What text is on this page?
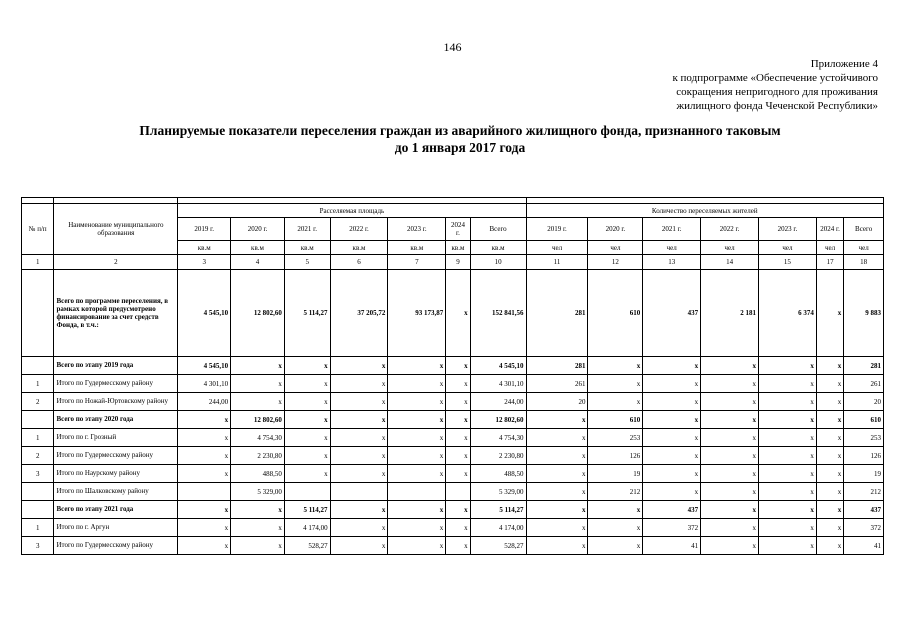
146
Приложение 4
к подпрограмме «Обеспечение устойчивого
сокращения непригодного для проживания
жилищного фонда Чеченской Республики»
Планируемые показатели переселения граждан из аварийного жилищного фонда, признанного таковым
до 1 января 2017 года

№ п/п	Наименование муниципального образования	Расселяемая площадь							Количество переселяемых жителей						
		2019 г.	2020 г.	2021 г.	2022 г.	2023 г.	2024 г.	Всего	2019 г.	2020 г.	2021 г.	2022 г.	2023 г.	2024 г.	Всего
		кв.м	кв.м	кв.м	кв.м	кв.м	кв.м	кв.м	чел	чел	чел	чел	чел	чел	чел
1	2	3	4	5	6	7	9	10	11	12	13	14	15	17	18
	Всего по программе переселения, в рамках которой предусмотрено финансирование за счет средств Фонда, в т.ч.:	4 545,10	12 802,60	5 114,27	37 205,72	93 173,87	x	152 841,56	281	610	437	2 181	6 374	x	9 883
	Всего по этапу 2019 года	4 545,10	x	x	x	x	x	4 545,10	281	x	x	x	x	x	281
1	Итого по Гудермесскому району	4 301,10	x	x	x	x	x	4 301,10	261	x	x	x	x	x	261
2	Итого по Ножай-Юртовскому району	244,00	x	x	x	x	x	244,00	20	x	x	x	x	x	20
	Всего по этапу 2020 года	x	12 802,60	x	x	x	x	12 802,60	x	610	x	x	x	x	610
1	Итого по г. Грозный	x	4 754,30	x	x	x	x	4 754,30	x	253	x	x	x	x	253
2	Итого по Гудермесскому району	x	2 230,80	x	x	x	x	2 230,80	x	126	x	x	x	x	126
3	Итого по Наурскому району	x	488,50	x	x	x	x	488,50	x	19	x	x	x	x	19
	Итого по Шалковскому району		5 329,00					5 329,00	x	212	x	x	x	x	212
	Всего по этапу 2021 года	x	x	5 114,27	x	x	x	5 114,27	x	x	437	x	x	x	437
1	Итого по г. Аргун	x	x	4 174,00	x	x	x	4 174,00	x	x	372	x	x	x	372
3	Итого по Гудермесскому району	x	x	528,27	x	x	x	528,27	x	x	41	x	x	x	41
